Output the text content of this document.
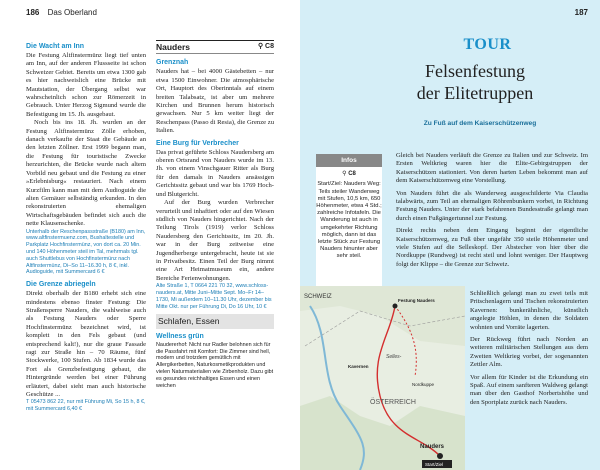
186 Das Oberland
Die Wacht am Inn

Die Festung Altfinstermünz liegt tief unten am Inn, auf der anderen Flussseite ist schon Schweizer Gebiet. Bereits um etwa 1300 gab es hier nachweislich eine Brücke mit Mautstation, der Übergang selbst war wahrscheinlich schon zur Römerzeit in Gebrauch. Unter Herzog Sigmund wurde die Befestigung im 15. Jh. ausgebaut.

Noch bis ins 18. Jh. wurden an der Festung Altfinstermünz Zölle erhoben, danach verkaufte der Staat die Gebäude an den letzten Zöllner. Erst 1999 begann man, die Festung für touristische Zwecke herzurichten, die Brücke wurde nach altem Vorbild neu gebaut und die Festung zu einer »Erlebnisburg« restauriert. Nach einem Kurzfilm kann man mit dem Audioguide die alten Gemäuer selbständig erkunden. In den rekonstruierten ehemaligen Wirtschaftsgebäuden befindet sich auch die nette Klausenschenke.

Unterhalb der Reschenpassstraße (B180) am Inn, www.altfinstermuenz.com, Bushaltestelle und Parkplatz Hochfinstermünz, von dort ca. 20 Min. und 140 Höhenmeter steil im Tal, mehrmals tgl. auch Shuttlebus von Hochfinstermünz nach Altfinstermünz, Di–So 11–16.30 h, 8 €, inkl. Audioguide, mit Summercard 6 €
Die Grenze abriegeln

Direkt oberhalb der B180 erhebt sich eine mindestens ebenso finster Festung: Die Straßensperre Nauders, die wahlweise auch als Festung Nauders oder Sperre Hochfinstermünz bezeichnet wird, ist komplett in den Fels gebaut (und entsprechend kalt!), nur die graue Fassade ragt zur Straße hin – 70 Räume, fünf Stockwerke, 100 Stufen. Ab 1834 wurde das Fort als Grenzbefestigung gebaut, die Hintergründe werden bei einer Führung erläutert, dabei sieht man auch historische Geschütze ...

T 05473 862 22, nur mit Führung Mi, So 15 h, 8 €, mit Summercard 6,40 €
Nauders	⚲ C8
Grenznah

Nauders hat – bei 4000 Gästebetten – nur etwa 1500 Einwohner. Die atmosphärische Ort, Hauptort des Oberinntals auf einem breiten Talabsatz, ist aber um mehrere Kirchen und Brunnen herum historisch gewachsen. Nur 5 km weiter liegt der Reschenpass (Passo di Resia), die Grenze zu Italien.

Eine Burg für Verbrecher

Das privat geführte Schloss Naudersberg am oberen Ortsrand von Nauders wurde im 13. Jh. von einem Vinschgauer Ritter als Burg für den damals in Nauders ansässigen Gerichtssitz gebaut und war bis 1769 Hoch- und Blutgericht.

Auf der Burg wurden Verbrecher verurteilt und inhaftiert oder auf den Wiesen südlich von Nauders hingerichtet. Nach der Teilung Tirols (1919) verlor Schloss Naudersberg den Gerichtssitz, im 20. Jh. war in der Burg zeitweise eine Jugendherberge untergebracht, heute ist sie in Privatbesitz. Einen Teil der Burg nimmt eine Art Heimatmuseum ein, andere Bereiche Ferienwohnungen.

Alte Straße 1, T 0664 221 70 32, www.schloss-nauders.at, Mitte Juni–Mitte Sept. Mo–Fr 14–1730, Mi außerdem 10–11.30 Uhr, dezember bis Mitte Okt. nur per Führung Di, Do 16 Uhr, 10 €
Schlafen, Essen
Wellness grün
Naudererhof: Nicht nur Radler belohnen sich für die Passfahrt mit Komfort: Die Zimmer sind hell, modern und trotzdem gemütlich mit Allergikerbetten, Naturkosmetikprodukten und vielen Naturmaterialien wie Zirbenholz. Dazu gibt es gesundes reichhaltiges Essen und einen weichen
187
TOUR
Felsenfestung
der Elitetruppen
Zu Fuß auf dem Kaiserschützenweg
Infos
⚲ C8
Start/Ziel: Nauders Weg: Teils steiler Wanderweg mit Stufen, 10,5 km, 650 Höhenmeter, etwa 4 Std.; zahlreiche Infotafeln. Die Wanderung ist auch in umgekehrter Richtung möglich, dann ist das letzte Stück zur Festung Nauders hinunter aber sehr steil.

Gleich bei Nauders verläuft die Grenze zu Italien und zur Schweiz. Im Ersten Weltkrieg waren hier die Elite-Gebirgstruppen der Kaiserschützen stationiert. Von deren harten Leben bekommt man auf dem Kaiserschützenweg eine Vorstellung.

Von Nauders führt die als Wanderweg ausgeschilderte Via Claudia talabwärts, zum Teil an ehemaligen Röhrenbunkern vorbei, in Richtung Festung Nauders. Unter der stark befahrenen Bundesstraße gelangt man durch einen Fußgängertunnel zur Festung.

Direkt rechts neben dem Eingang beginnt der eigentliche Kaiserschützenweg, zu Fuß über ungefähr 350 steile Höhenmeter und viele Stufen auf die Selleskopf. Der Abstecher von hier über die Nordkuppe (Rundweg) ist recht steil und lohnt weniger. Der Hauptweg folgt der Klippe – die Grenze zur Schweiz.

Schließlich gelangt man zu zwei teils mit Pritschenlagern und Tischen rekonstruierten Kavernen: bunkerähnliche, künstlich angelegte Höhlen, in denen die Soldaten wohnten und Vorräte lagerten.

Der Rückweg führt nach Norden an weiteren militärischen Stellungen aus dem Zweiten Weltkrieg vorbei, der sogenannten Zettler Alm.

Vor allem für Kinder ist die Erkundung ein Spaß. Auf einem sanfteren Waldweg gelangt man über den Gasthof Norbertshöhe und den Sportplatz zurück nach Nauders.

SCHWEIZ
ÖSTERREICH
Festung Nauders
Selles-
Kavernen
Nordkuppe
Nauders
Start/Ziel
